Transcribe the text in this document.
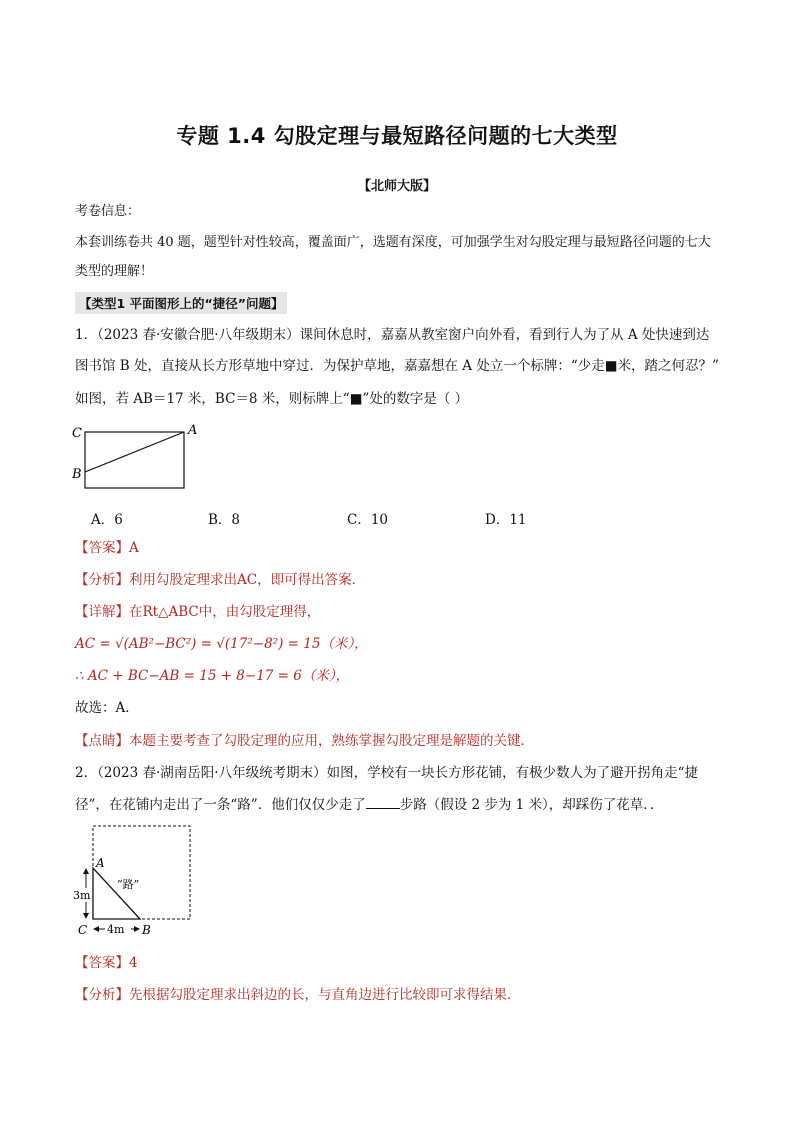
专题 1.4 勾股定理与最短路径问题的七大类型
【北师大版】
考卷信息：
本套训练卷共 40 题，题型针对性较高，覆盖面广，选题有深度，可加强学生对勾股定理与最短路径问题的七大
类型的理解！
【类型1 平面图形上的“捷径”问题】
1．（2023 春·安徽合肥·八年级期末）课间休息时，嘉嘉从教室窗户向外看，看到行人为了从 A 处快速到达
图书馆 B 处，直接从长方形草地中穿过．为保护草地，嘉嘉想在 A 处立一个标牌：“少走■米，踏之何忍？”
如图，若 AB＝17 米，BC＝8 米，则标牌上“■”处的数字是（ ）
C	A
B
A．6	B．8	C．10	D．11
【答案】A
【分析】利用勾股定理求出AC，即可得出答案．
【详解】在Rt△ABC中，由勾股定理得，
AC = √(AB²−BC²) = √(17²−8²) = 15（米），
∴ AC + BC−AB = 15 + 8−17 = 6（米），
故选：A．
【点睛】本题主要考查了勾股定理的应用，熟练掌握勾股定理是解题的关键．
2．（2023 春·湖南岳阳·八年级统考期末）如图，学校有一块长方形花铺，有极少数人为了避开拐角走“捷
径”，在花铺内走出了一条“路”．他们仅仅少走了	步路（假设 2 步为 1 米），却踩伤了花草．．
A
“路”
3m
C 4m B
【答案】4
【分析】先根据勾股定理求出斜边的长，与直角边进行比较即可求得结果．
